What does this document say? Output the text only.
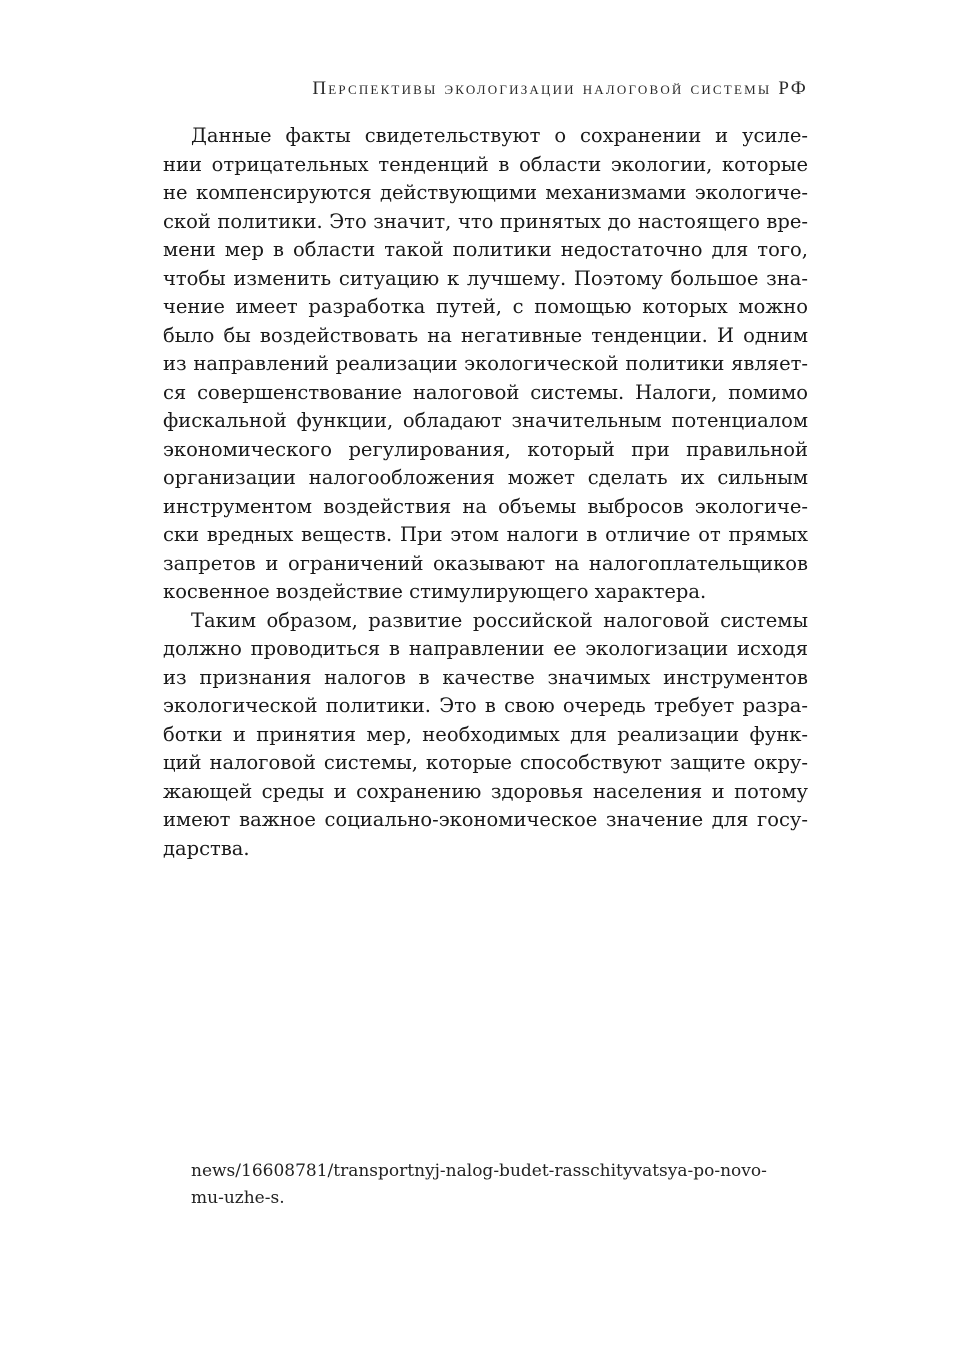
Перспективы экологизации налоговой системы РФ
Данные факты свидетельствуют о сохранении и усиле-
нии отрицательных тенденций в области экологии, которые
не компенсируются действующими механизмами экологиче-
ской политики. Это значит, что принятых до настоящего вре-
мени мер в области такой политики недостаточно для того,
чтобы изменить ситуацию к лучшему. Поэтому большое зна-
чение имеет разработка путей, с помощью которых можно
было бы воздействовать на негативные тенденции. И одним
из направлений реализации экологической политики являет-
ся совершенствование налоговой системы. Налоги, помимо
фискальной функции, обладают значительным потенциалом
экономического регулирования, который при правильной
организации налогообложения может сделать их сильным
инструментом воздействия на объемы выбросов экологиче-
ски вредных веществ. При этом налоги в отличие от прямых
запретов и ограничений оказывают на налогоплательщиков
косвенное воздействие стимулирующего характера.
Таким образом, развитие российской налоговой системы
должно проводиться в направлении ее экологизации исходя
из признания налогов в качестве значимых инструментов
экологической политики. Это в свою очередь требует разра-
ботки и принятия мер, необходимых для реализации функ-
ций налоговой системы, которые способствуют защите окру-
жающей среды и сохранению здоровья населения и потому
имеют важное социально-экономическое значение для госу-
дарства.
news/16608781/transportnyj-nalog-budet-rasschityvatsya-po-novo-
mu-uzhe-s.
